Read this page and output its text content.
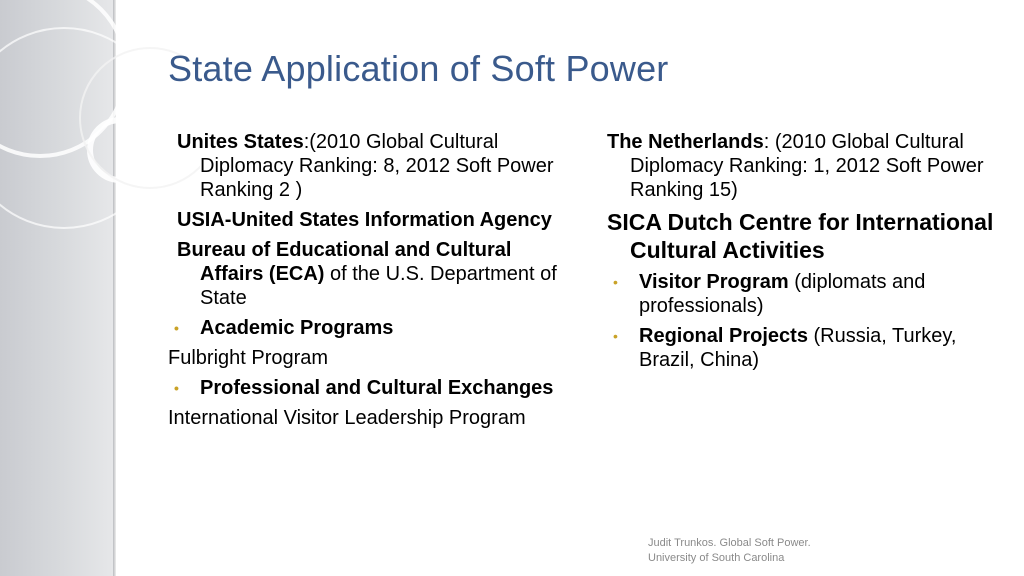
State Application of Soft Power
Unites States:(2010 Global Cultural Diplomacy Ranking: 8, 2012 Soft Power Ranking 2 )
USIA-United States Information Agency
Bureau of Educational and Cultural Affairs (ECA) of the U.S. Department of State
• Academic Programs
Fulbright Program
• Professional and Cultural Exchanges
International Visitor Leadership Program
The Netherlands: (2010 Global Cultural Diplomacy Ranking: 1, 2012 Soft Power Ranking 15)
SICA Dutch Centre for International Cultural Activities
• Visitor Program (diplomats and professionals)
• Regional Projects (Russia, Turkey, Brazil, China)
Judit Trunkos. Global Soft Power.
University of South Carolina
